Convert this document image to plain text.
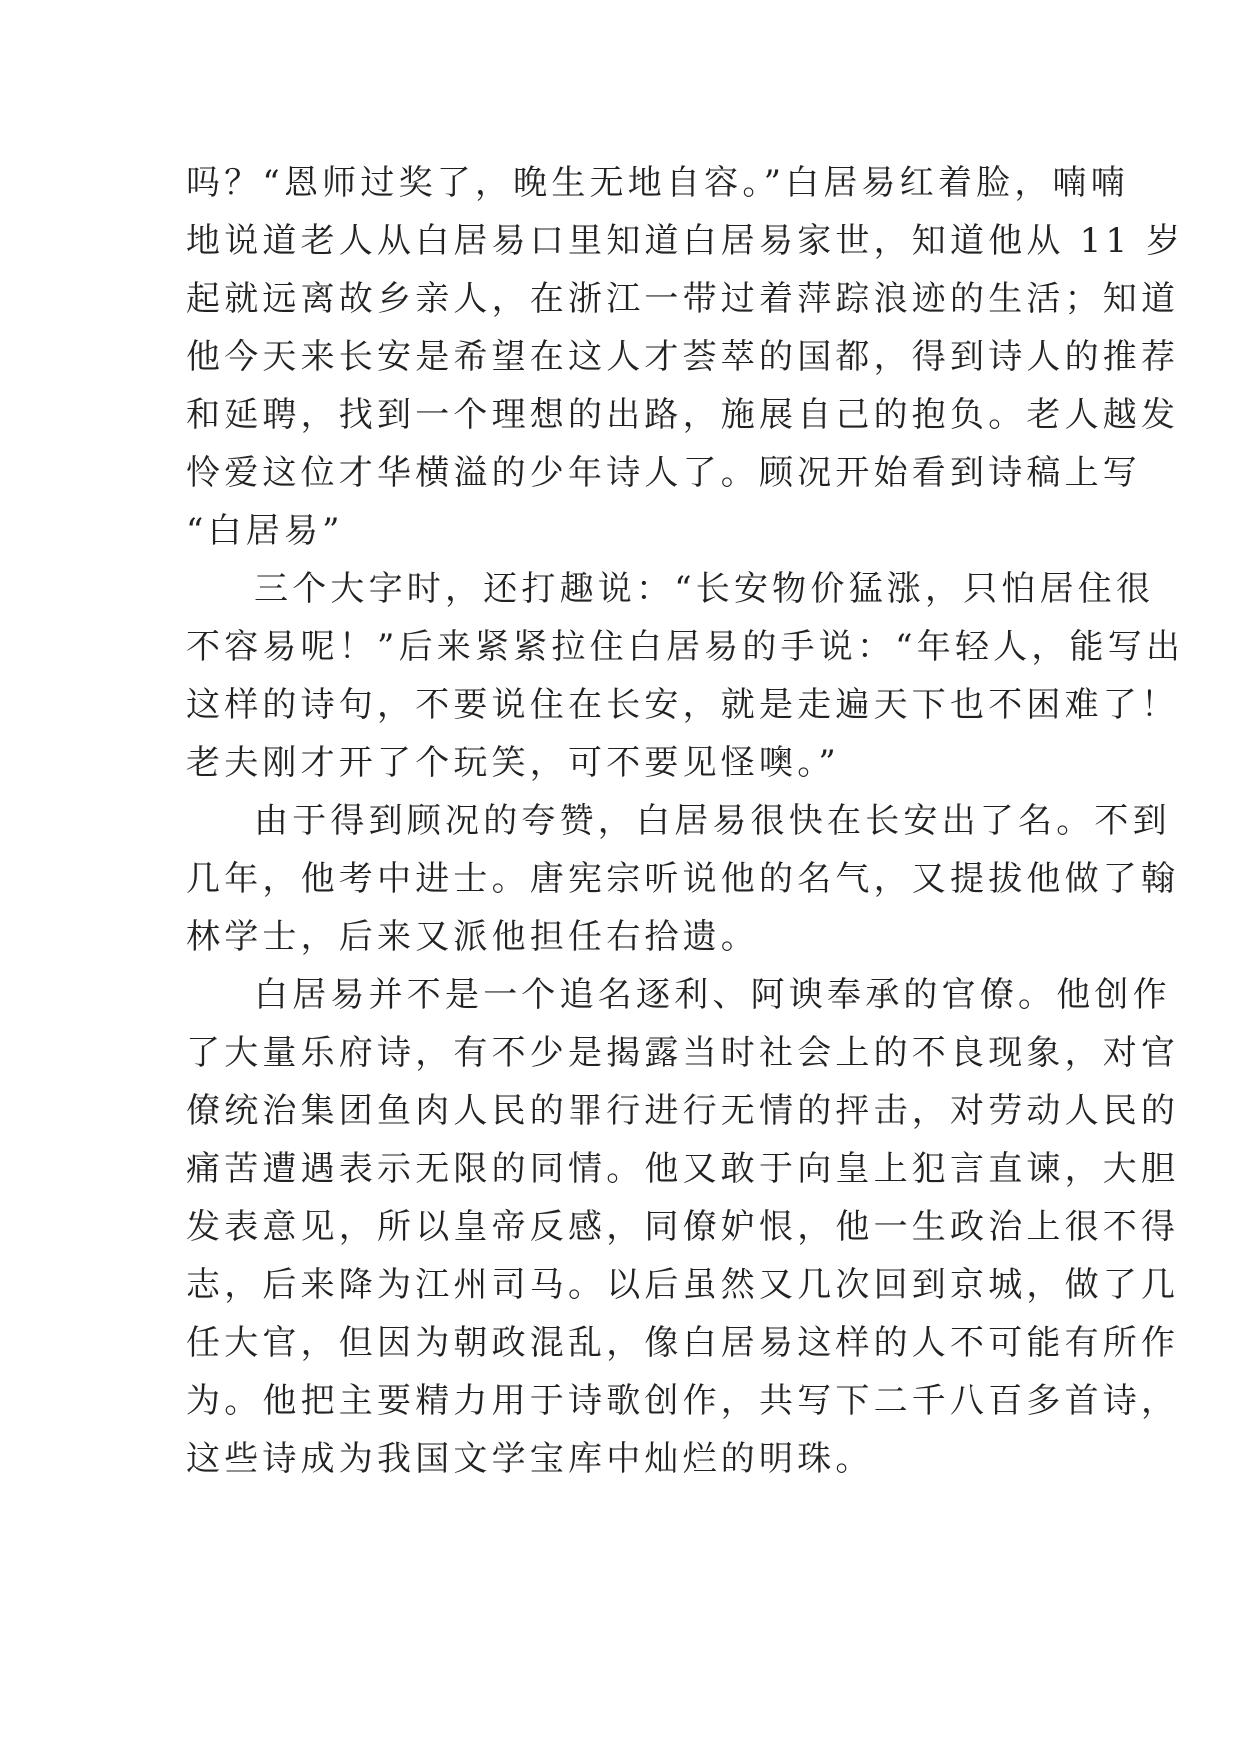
吗？“恩师过奖了，晚生无地自容。”白居易红着脸，喃喃
地说道老人从白居易口里知道白居易家世，知道他从 11 岁
起就远离故乡亲人，在浙江一带过着萍踪浪迹的生活；知道
他今天来长安是希望在这人才荟萃的国都，得到诗人的推荐
和延聘，找到一个理想的出路，施展自己的抱负。老人越发
怜爱这位才华横溢的少年诗人了。顾况开始看到诗稿上写
“白居易”
三个大字时，还打趣说：“长安物价猛涨，只怕居住很
不容易呢！”后来紧紧拉住白居易的手说：“年轻人，能写出
这样的诗句，不要说住在长安，就是走遍天下也不困难了！
老夫刚才开了个玩笑，可不要见怪噢。”
由于得到顾况的夸赞，白居易很快在长安出了名。不到
几年，他考中进士。唐宪宗听说他的名气，又提拔他做了翰
林学士，后来又派他担任右拾遗。
白居易并不是一个追名逐利、阿谀奉承的官僚。他创作
了大量乐府诗，有不少是揭露当时社会上的不良现象，对官
僚统治集团鱼肉人民的罪行进行无情的抨击，对劳动人民的
痛苦遭遇表示无限的同情。他又敢于向皇上犯言直谏，大胆
发表意见，所以皇帝反感，同僚妒恨，他一生政治上很不得
志，后来降为江州司马。以后虽然又几次回到京城，做了几
任大官，但因为朝政混乱，像白居易这样的人不可能有所作
为。他把主要精力用于诗歌创作，共写下二千八百多首诗，
这些诗成为我国文学宝库中灿烂的明珠。
